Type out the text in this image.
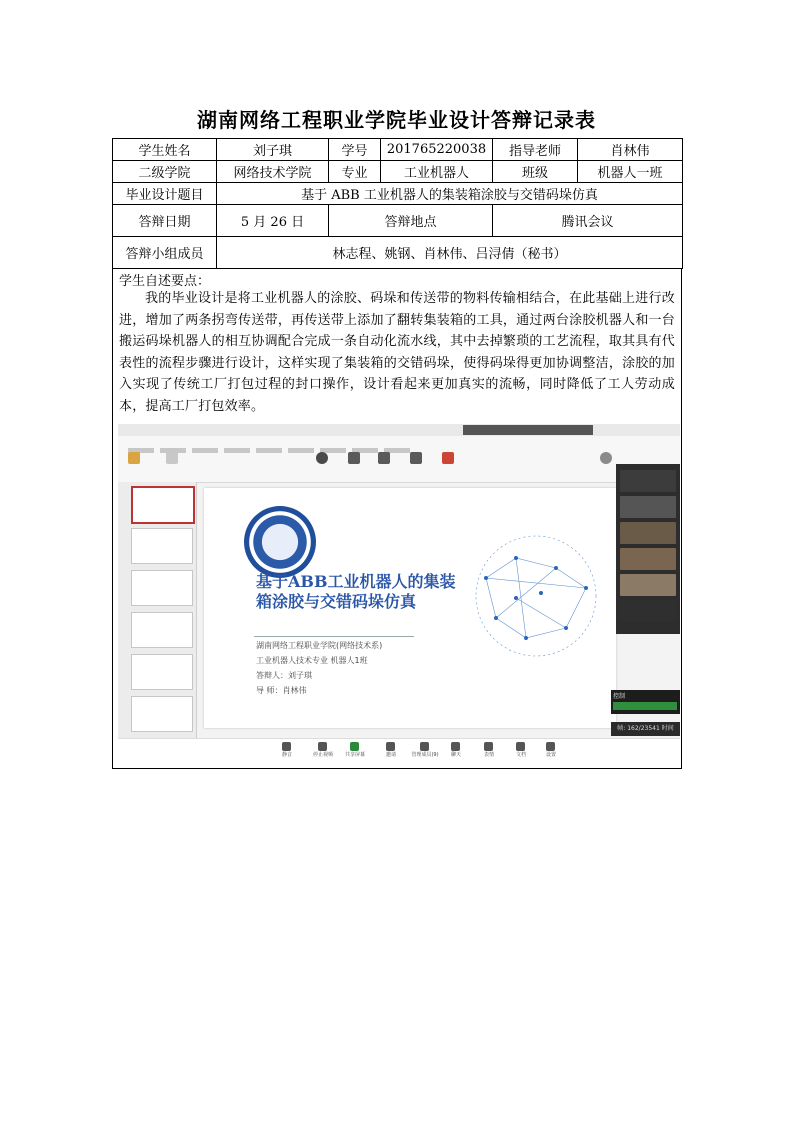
湖南网络工程职业学院毕业设计答辩记录表
学生姓名	刘子琪	学号	201765220038	指导老师	肖林伟
二级学院	网络技术学院	专业	工业机器人	班级	机器人一班
毕业设计题目	基于 ABB 工业机器人的集装箱涂胶与交错码垛仿真				
答辩日期	5 月 26 日	答辩地点		腾讯会议	
答辩小组成员	林志程、姚钢、肖林伟、吕浔倩（秘书）				
学生自述要点：
我的毕业设计是将工业机器人的涂胶、码垛和传送带的物料传输相结合，在此基础上进行改进，增加了两条拐弯传送带，再传送带上添加了翻转集装箱的工具，通过两台涂胶机器人和一台搬运码垛机器人的相互协调配合完成一条自动化流水线，其中去掉繁琐的工艺流程，取其具有代表性的流程步骤进行设计，这样实现了集装箱的交错码垛，使得码垛得更加协调整洁，涂胶的加入实现了传统工厂打包过程的封口操作，设计看起来更加真实的流畅，同时降低了工人劳动成本，提高工厂打包效率。
基于ABB工业机器人的集装
箱涂胶与交错码垛仿真
湖南网络工程职业学院(网络技术系)
工业机器人技术专业 机器人1班
答辩人：刘子琪
导 师：肖林伟
控制
帧: 162/23541 时间
静音	停止视频	共享屏幕	邀请	管理成员(9)	聊天	表情	文档	设置
